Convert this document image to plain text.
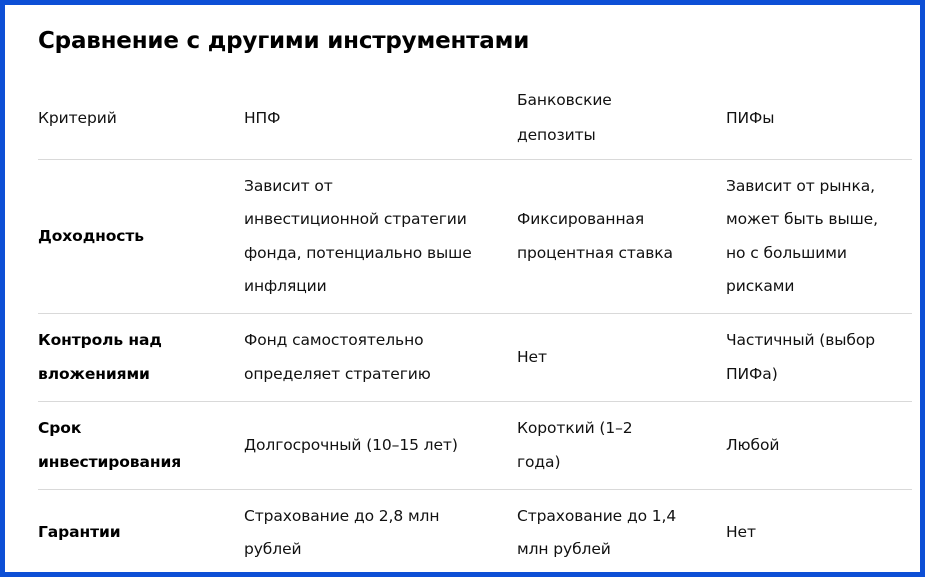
Сравнение с другими инструментами
Критерий	НПФ
Банковские
депозиты
ПИФы
Доходность
Зависит от
инвестиционной стратегии
фонда, потенциально выше
инфляции
Фиксированная
процентная ставка
Зависит от рынка,
может быть выше,
но с большими
рисками
Контроль над
вложениями
Фонд самостоятельно
определяет стратегию
Нет
Частичный (выбор
ПИФа)
Срок
инвестирования
Долгосрочный (10–15 лет)
Короткий (1–2
года)
Любой
Гарантии
Страхование до 2,8 млн
рублей
Страхование до 1,4
млн рублей
Нет
